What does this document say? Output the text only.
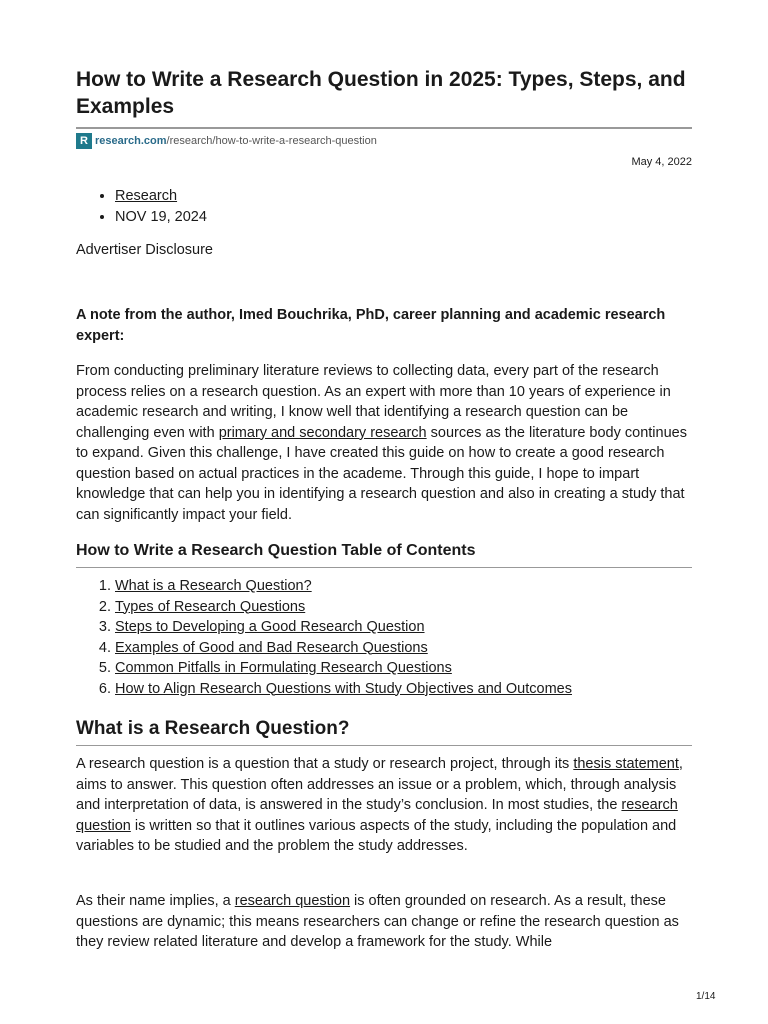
How to Write a Research Question in 2025: Types, Steps, and Examples
R research.com /research/how-to-write-a-research-question
May 4, 2022
• Research
• NOV 19, 2024
Advertiser Disclosure

A note from the author, Imed Bouchrika, PhD, career planning and academic research expert:

From conducting preliminary literature reviews to collecting data, every part of the research process relies on a research question. As an expert with more than 10 years of experience in academic research and writing, I know well that identifying a research question can be challenging even with primary and secondary research sources as the literature body continues to expand. Given this challenge, I have created this guide on how to create a good research question based on actual practices in the academe. Through this guide, I hope to impart knowledge that can help you in identifying a research question and also in creating a study that can significantly impact your field.

How to Write a Research Question Table of Contents
1. What is a Research Question?
2. Types of Research Questions
3. Steps to Developing a Good Research Question
4. Examples of Good and Bad Research Questions
5. Common Pitfalls in Formulating Research Questions
6. How to Align Research Questions with Study Objectives and Outcomes
What is a Research Question?

A research question is a question that a study or research project, through its thesis statement, aims to answer. This question often addresses an issue or a problem, which, through analysis and interpretation of data, is answered in the study’s conclusion. In most studies, the research question is written so that it outlines various aspects of the study, including the population and variables to be studied and the problem the study addresses.

As their name implies, a research question is often grounded on research. As a result, these questions are dynamic; this means researchers can change or refine the research question as they review related literature and develop a framework for the study. While

1/14
